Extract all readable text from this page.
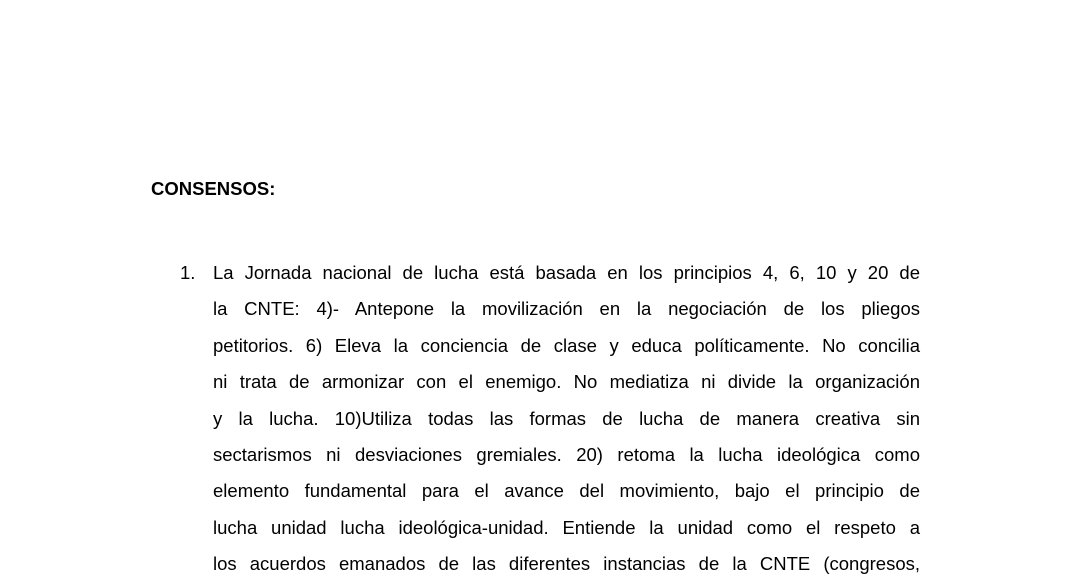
CONSENSOS:
1. La Jornada nacional de lucha está basada en los principios 4, 6, 10 y 20 de
la CNTE: 4)- Antepone la movilización en la negociación de los pliegos
petitorios. 6) Eleva la conciencia de clase y educa políticamente. No concilia
ni trata de armonizar con el enemigo. No mediatiza ni divide la organización
y la lucha. 10)Utiliza todas las formas de lucha de manera creativa sin
sectarismos ni desviaciones gremiales. 20) retoma la lucha ideológica como
elemento fundamental para el avance del movimiento, bajo el principio de
lucha unidad lucha ideológica-unidad. Entiende la unidad como el respeto a
los acuerdos emanados de las diferentes instancias de la CNTE (congresos,
